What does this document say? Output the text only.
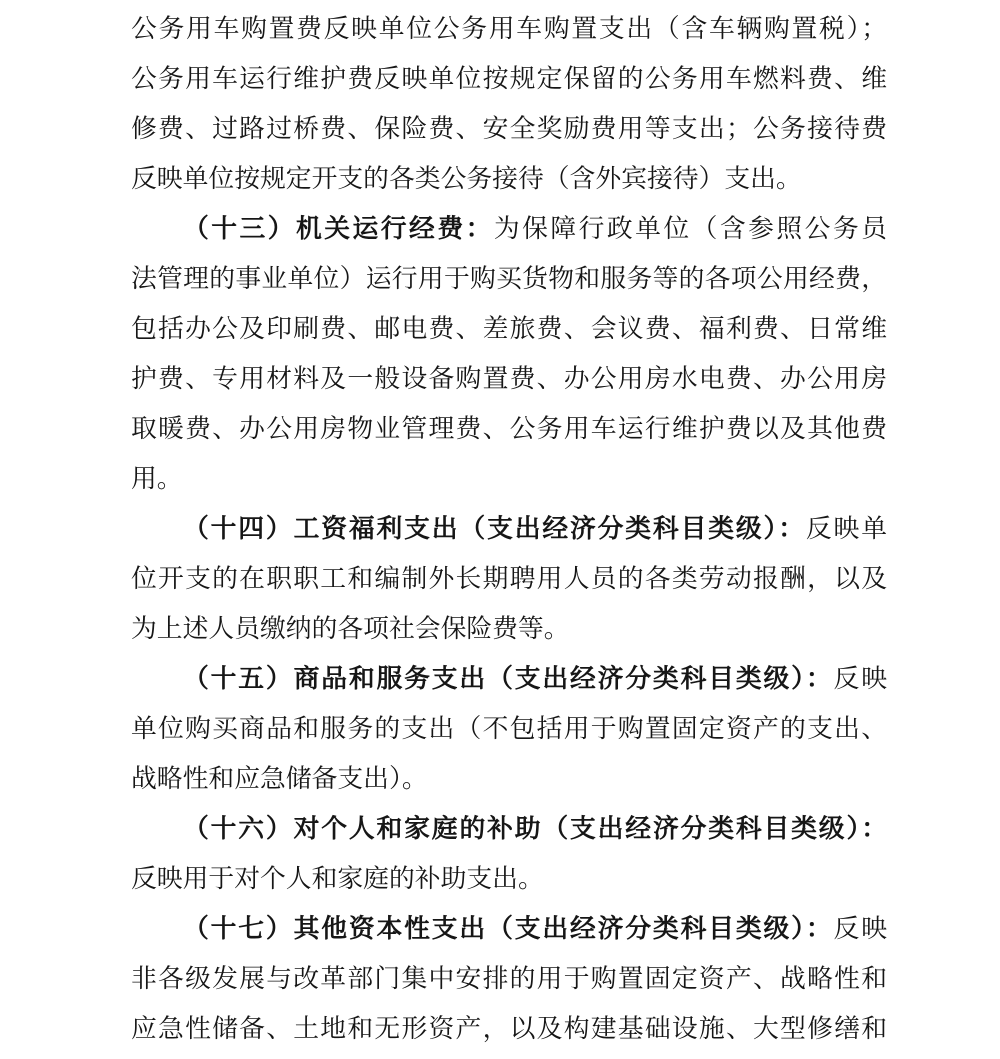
公务用车购置费反映单位公务用车购置支出（含车辆购置税）；
公务用车运行维护费反映单位按规定保留的公务用车燃料费、维
修费、过路过桥费、保险费、安全奖励费用等支出；公务接待费
反映单位按规定开支的各类公务接待（含外宾接待）支出。
（十三）机关运行经费：为保障行政单位（含参照公务员
法管理的事业单位）运行用于购买货物和服务等的各项公用经费，
包括办公及印刷费、邮电费、差旅费、会议费、福利费、日常维
护费、专用材料及一般设备购置费、办公用房水电费、办公用房
取暖费、办公用房物业管理费、公务用车运行维护费以及其他费
用。
（十四）工资福利支出（支出经济分类科目类级）：反映单
位开支的在职职工和编制外长期聘用人员的各类劳动报酬，以及
为上述人员缴纳的各项社会保险费等。
（十五）商品和服务支出（支出经济分类科目类级）：反映
单位购买商品和服务的支出（不包括用于购置固定资产的支出、
战略性和应急储备支出）。
（十六）对个人和家庭的补助（支出经济分类科目类级）：
反映用于对个人和家庭的补助支出。
（十七）其他资本性支出（支出经济分类科目类级）：反映
非各级发展与改革部门集中安排的用于购置固定资产、战略性和
应急性储备、土地和无形资产，以及构建基础设施、大型修缮和
